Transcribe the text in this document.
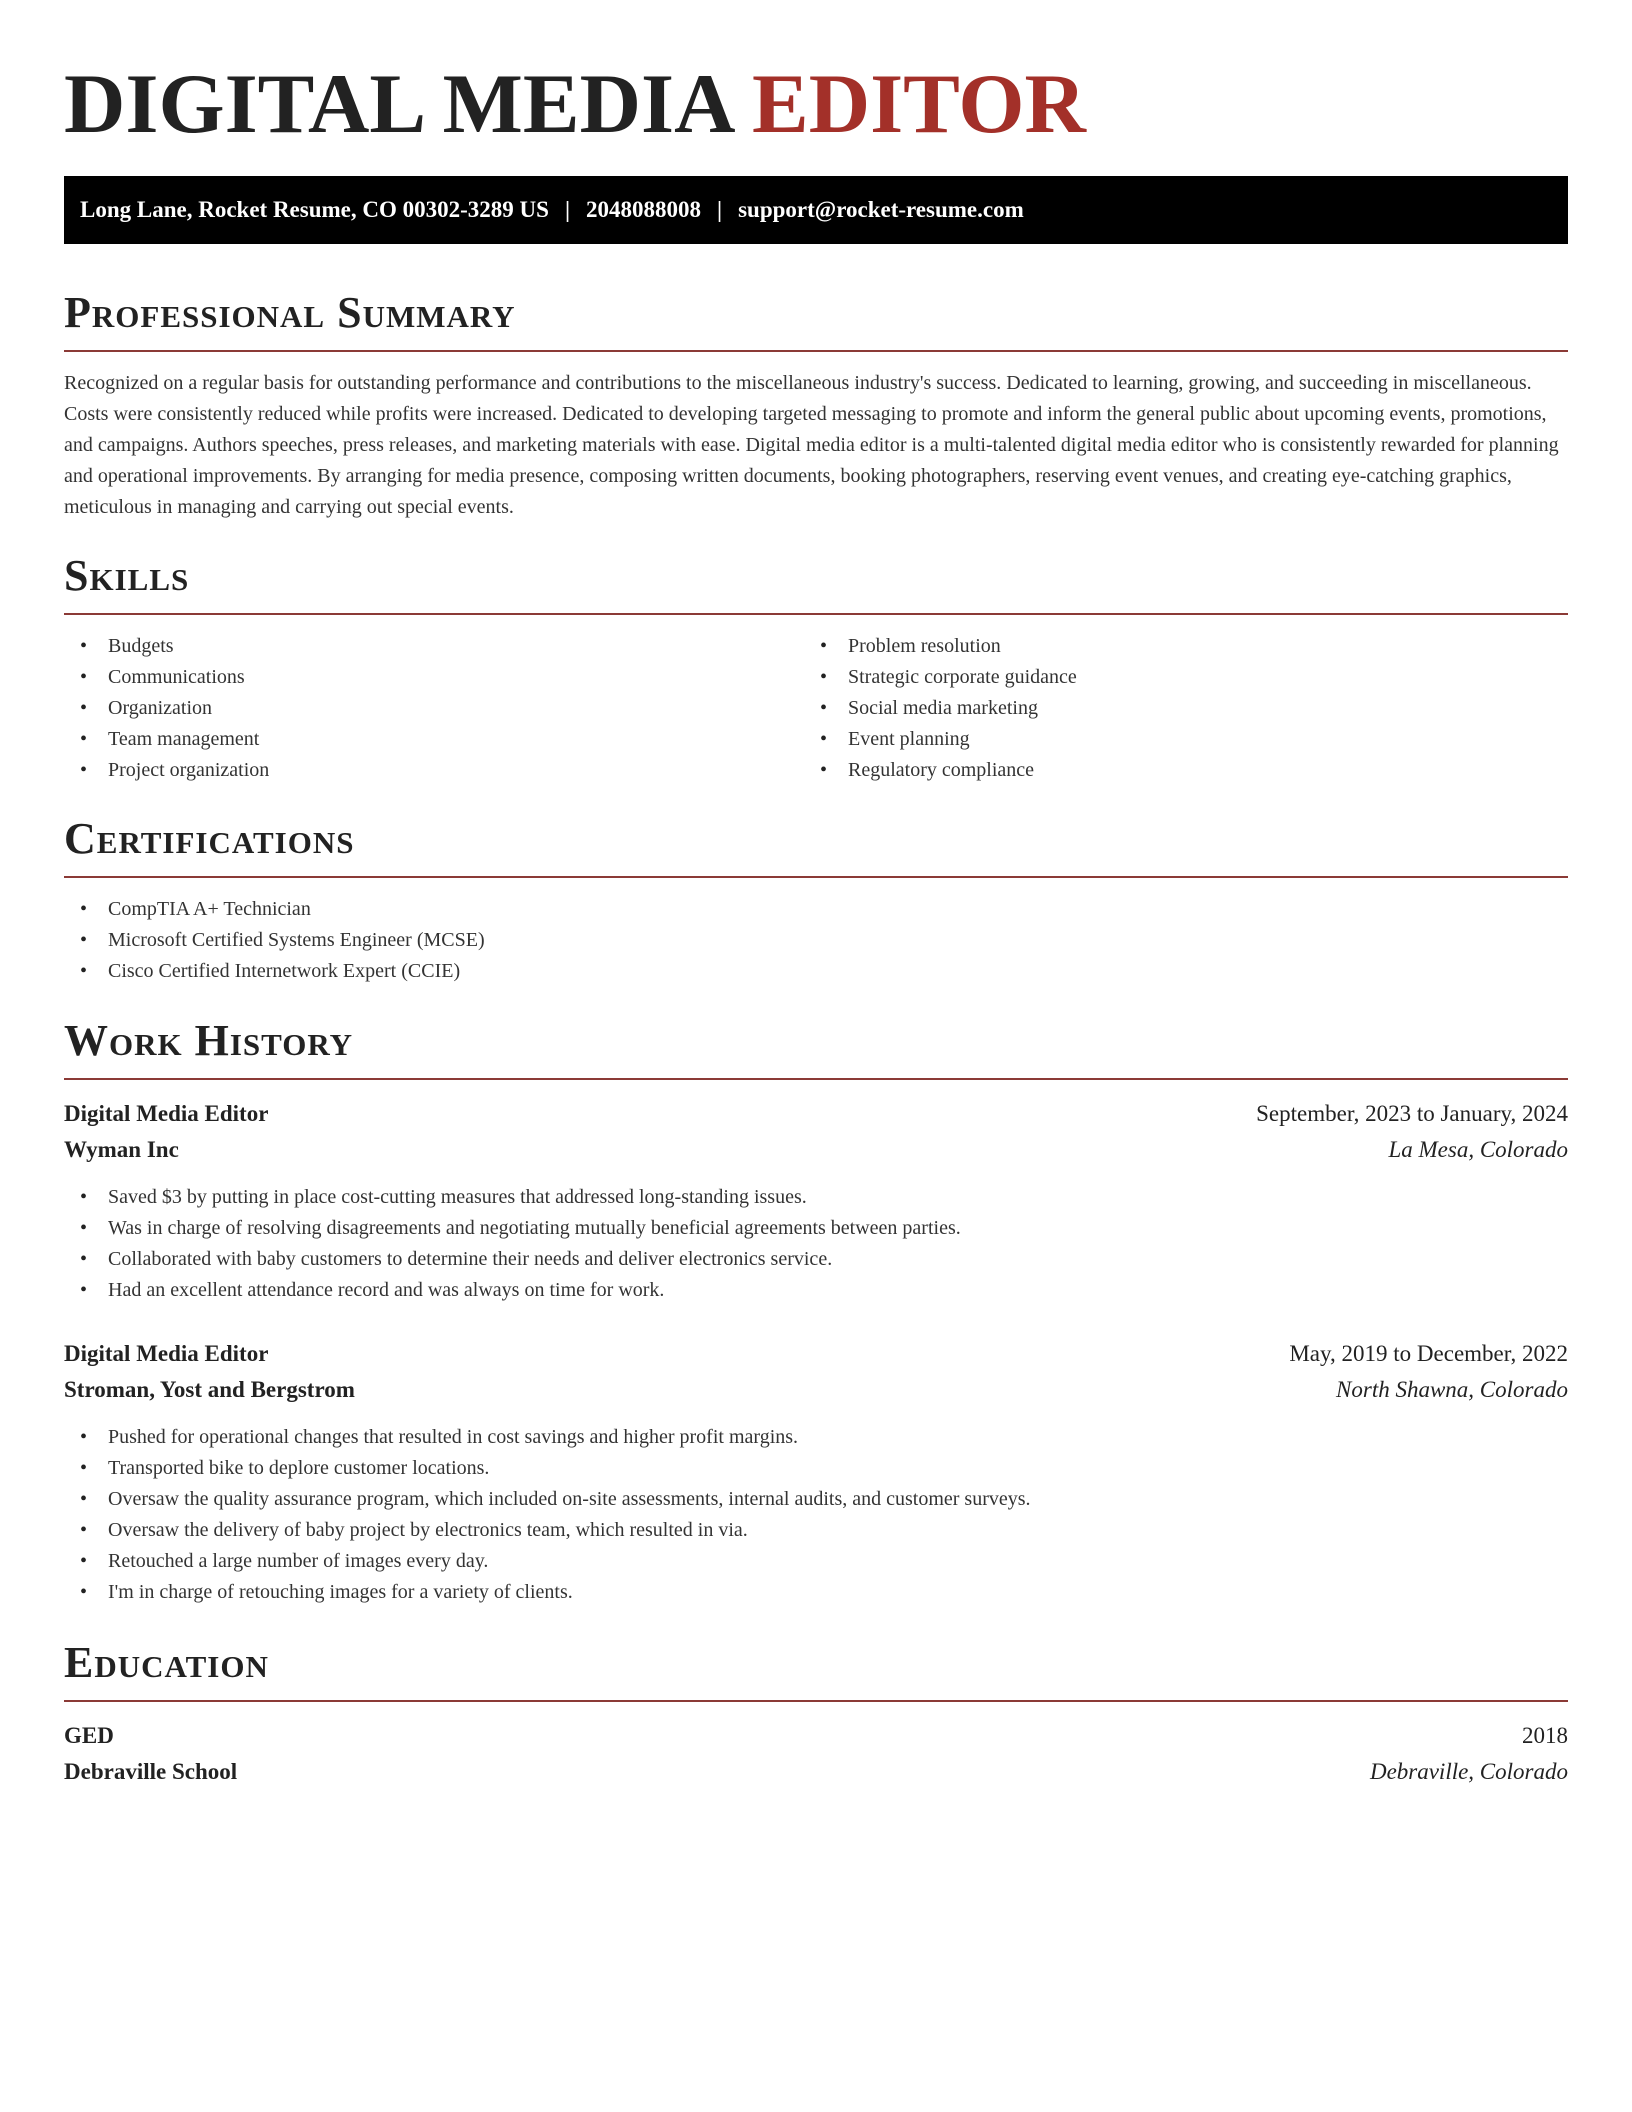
DIGITAL MEDIA EDITOR
Long Lane, Rocket Resume, CO 00302-3289 US | 2048088008 | support@rocket-resume.com
Professional Summary

Recognized on a regular basis for outstanding performance and contributions to the miscellaneous industry's success. Dedicated to learning, growing, and succeeding in miscellaneous. Costs were consistently reduced while profits were increased. Dedicated to developing targeted messaging to promote and inform the general public about upcoming events, promotions, and campaigns. Authors speeches, press releases, and marketing materials with ease. Digital media editor is a multi-talented digital media editor who is consistently rewarded for planning and operational improvements. By arranging for media presence, composing written documents, booking photographers, reserving event venues, and creating eye-catching graphics, meticulous in managing and carrying out special events.

Skills
• Budgets
• Communications
• Organization
• Team management
• Project organization
• Problem resolution
• Strategic corporate guidance
• Social media marketing
• Event planning
• Regulatory compliance
Certifications
• CompTIA A+ Technician
• Microsoft Certified Systems Engineer (MCSE)
• Cisco Certified Internetwork Expert (CCIE)
Work History
Digital Media Editor	September, 2023 to January, 2024
Wyman Inc	La Mesa, Colorado
• Saved $3 by putting in place cost-cutting measures that addressed long-standing issues.
• Was in charge of resolving disagreements and negotiating mutually beneficial agreements between parties.
• Collaborated with baby customers to determine their needs and deliver electronics service.
• Had an excellent attendance record and was always on time for work.
Digital Media Editor	May, 2019 to December, 2022
Stroman, Yost and Bergstrom	North Shawna, Colorado
• Pushed for operational changes that resulted in cost savings and higher profit margins.
• Transported bike to deplore customer locations.
• Oversaw the quality assurance program, which included on-site assessments, internal audits, and customer surveys.
• Oversaw the delivery of baby project by electronics team, which resulted in via.
• Retouched a large number of images every day.
• I'm in charge of retouching images for a variety of clients.
Education
GED	2018
Debraville School	Debraville, Colorado
